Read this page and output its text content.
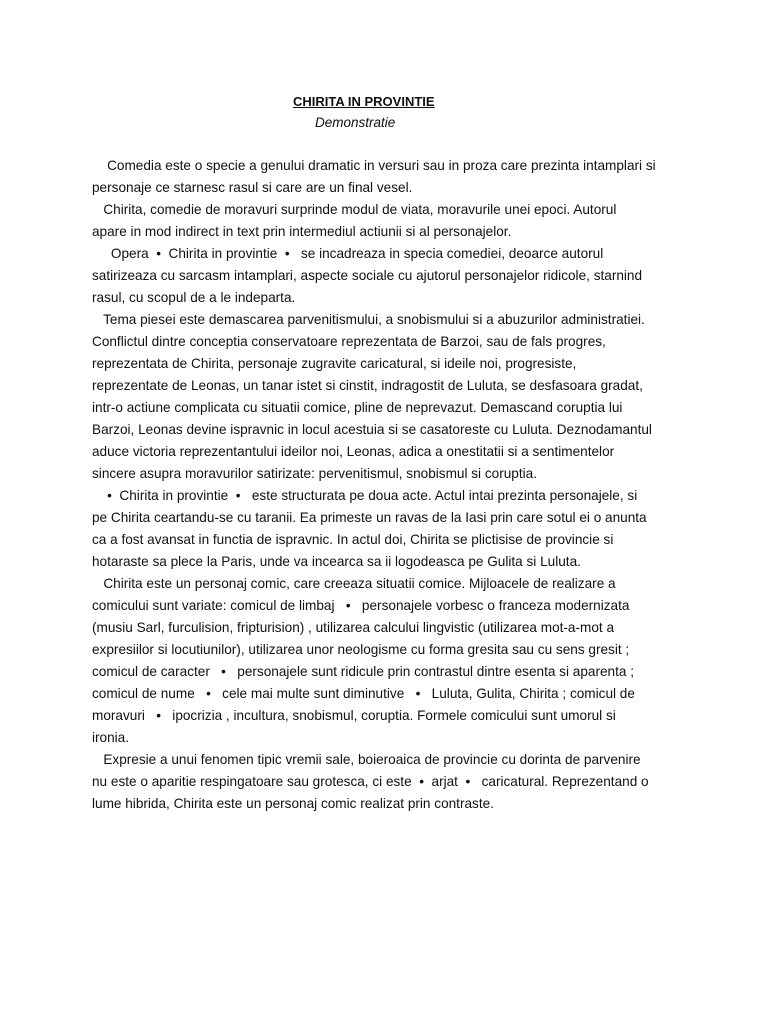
CHIRITA IN PROVINTIE
Demonstratie
Comedia este o specie a genului dramatic in versuri sau in proza care prezinta intamplari si
personaje ce starnesc rasul si care are un final vesel.
Chirita, comedie de moravuri surprinde modul de viata, moravurile unei epoci. Autorul
apare in mod indirect in text prin intermediul actiunii si al personajelor.
Opera  •  Chirita in provintie  •   se incadreaza in specia comediei, deoarce autorul
satirizeaza cu sarcasm intamplari, aspecte sociale cu ajutorul personajelor ridicole, starnind
rasul, cu scopul de a le indeparta.
Tema piesei este demascarea parvenitismului, a snobismului si a abuzurilor administratiei.
Conflictul dintre conceptia conservatoare reprezentata de Barzoi, sau de fals progres,
reprezentata de Chirita, personaje zugravite caricatural, si ideile noi, progresiste,
reprezentate de Leonas, un tanar istet si cinstit, indragostit de Luluta, se desfasoara gradat,
intr-o actiune complicata cu situatii comice, pline de neprevazut. Demascand coruptia lui
Barzoi, Leonas devine ispravnic in locul acestuia si se casatoreste cu Luluta. Deznodamantul
aduce victoria reprezentantului ideilor noi, Leonas, adica a onestitatii si a sentimentelor
sincere asupra moravurilor satirizate: pervenitismul, snobismul si coruptia.
•  Chirita in provintie  •   este structurata pe doua acte. Actul intai prezinta personajele, si
pe Chirita ceartandu-se cu taranii. Ea primeste un ravas de la Iasi prin care sotul ei o anunta
ca a fost avansat in functia de ispravnic. In actul doi, Chirita se plictisise de provincie si
hotaraste sa plece la Paris, unde va incearca sa ii logodeasca pe Gulita si Luluta.
Chirita este un personaj comic, care creeaza situatii comice. Mijloacele de realizare a
comicului sunt variate: comicul de limbaj   •   personajele vorbesc o franceza modernizata
(musiu Sarl, furculision, fripturision) , utilizarea calcului lingvistic (utilizarea mot-a-mot a
expresiilor si locutiunilor), utilizarea unor neologisme cu forma gresita sau cu sens gresit ;
comicul de caracter   •   personajele sunt ridicule prin contrastul dintre esenta si aparenta ;
comicul de nume   •   cele mai multe sunt diminutive   •   Luluta, Gulita, Chirita ; comicul de
moravuri   •   ipocrizia , incultura, snobismul, coruptia. Formele comicului sunt umorul si
ironia.
Expresie a unui fenomen tipic vremii sale, boieroaica de provincie cu dorinta de parvenire
nu este o aparitie respingatoare sau grotesca, ci este  •  arjat  •   caricatural. Reprezentand o
lume hibrida, Chirita este un personaj comic realizat prin contraste.
